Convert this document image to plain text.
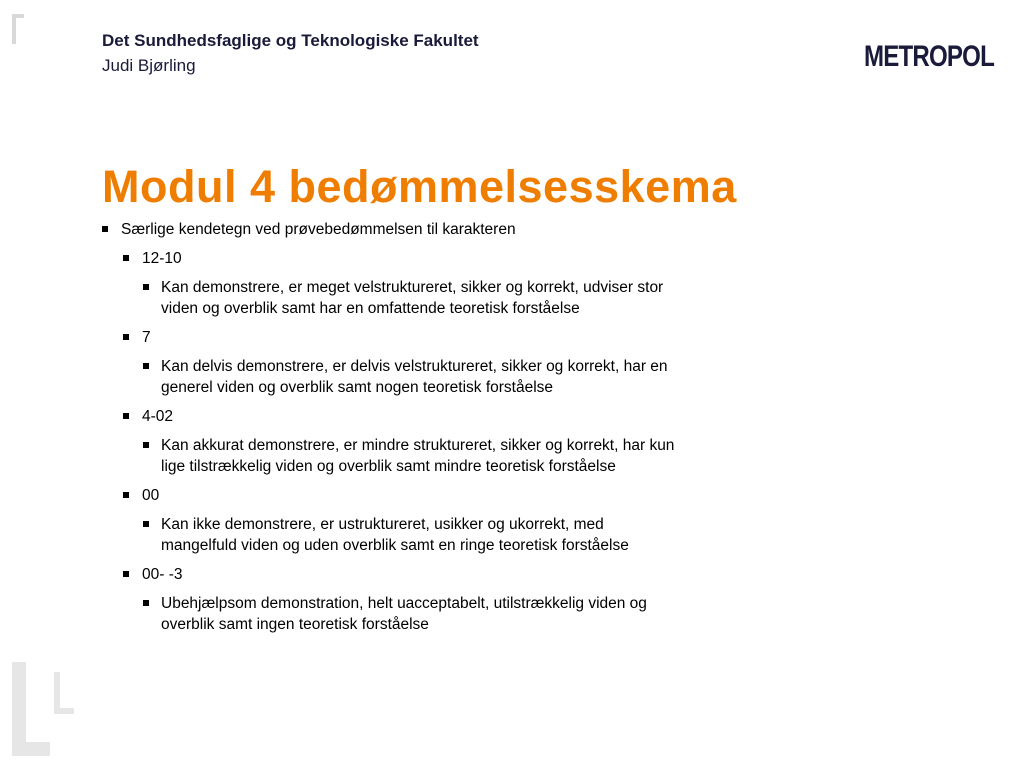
Det Sundhedsfaglige og Teknologiske Fakultet
Judi Bjørling	METROPOL
Modul 4 bedømmelsesskema
Særlige kendetegn ved prøvebedømmelsen til karakteren
12-10
Kan demonstrere, er meget velstruktureret, sikker og korrekt, udviser stor viden og overblik samt har en omfattende teoretisk forståelse
7
Kan delvis demonstrere, er delvis velstruktureret, sikker og korrekt, har en generel viden og overblik samt nogen teoretisk forståelse
4-02
Kan akkurat demonstrere, er mindre struktureret, sikker og korrekt, har kun lige tilstrækkelig viden og overblik samt mindre teoretisk forståelse
00
Kan ikke demonstrere, er ustruktureret, usikker og ukorrekt, med mangelfuld viden og uden overblik samt en ringe teoretisk forståelse
00- -3
Ubehjælpsom demonstration, helt uacceptabelt, utilstrækkelig viden og overblik samt ingen teoretisk forståelse
